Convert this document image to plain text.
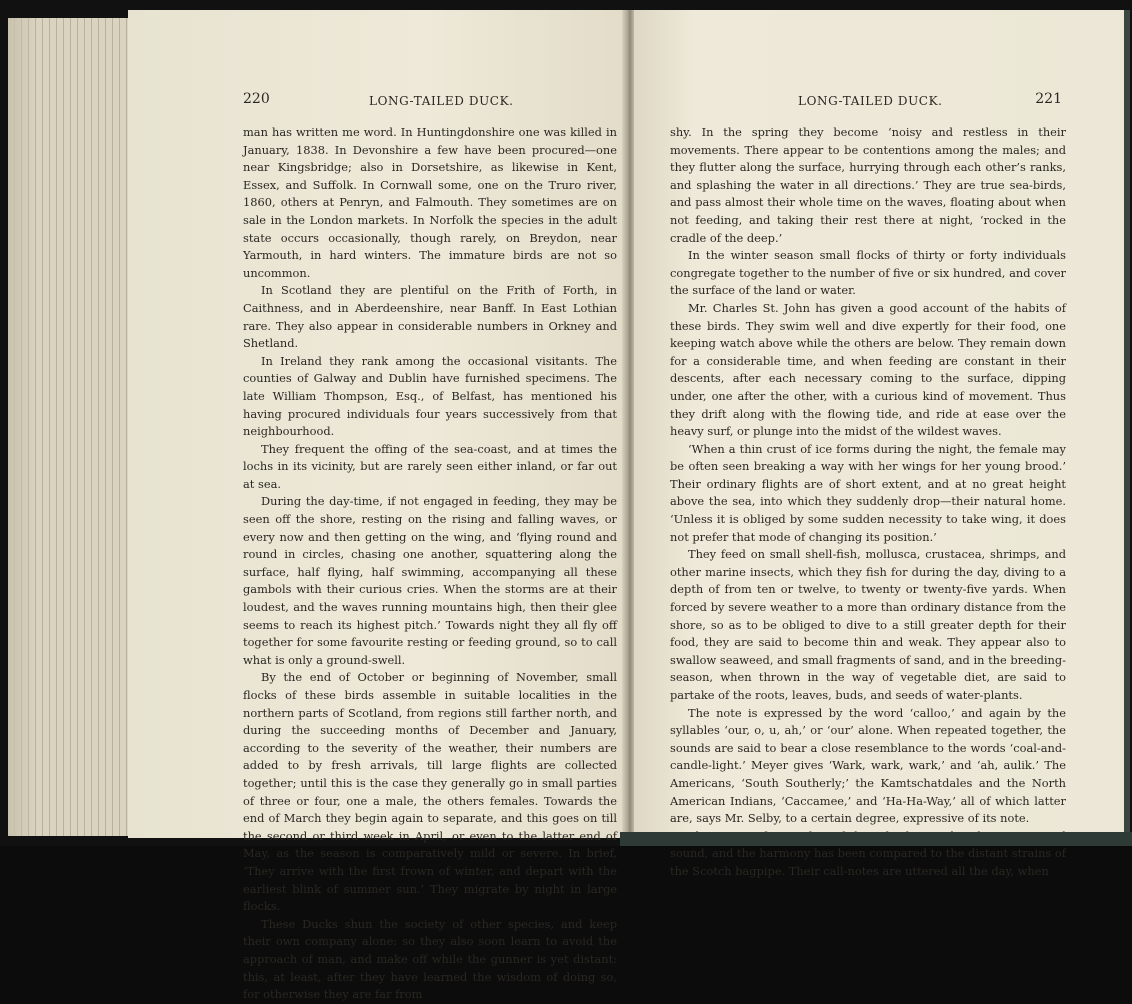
220	LONG-TAILED DUCK.

man has written me word. In Huntingdonshire one was killed in January, 1838. In Devonshire a few have been procured—one near Kingsbridge; also in Dorsetshire, as likewise in Kent, Essex, and Suffolk. In Cornwall some, one on the Truro river, 1860, others at Penryn, and Falmouth. They sometimes are on sale in the London markets. In Norfolk the species in the adult state occurs occasionally, though rarely, on Breydon, near Yarmouth, in hard winters. The immature birds are not so uncommon.

In Scotland they are plentiful on the Frith of Forth, in Caithness, and in Aberdeenshire, near Banff. In East Lothian rare. They also appear in considerable numbers in Orkney and Shetland.

In Ireland they rank among the occasional visitants. The counties of Galway and Dublin have furnished specimens. The late William Thompson, Esq., of Belfast, has mentioned his having procured individuals four years successively from that neighbourhood.

They frequent the offing of the sea-coast, and at times the lochs in its vicinity, but are rarely seen either inland, or far out at sea.

During the day-time, if not engaged in feeding, they may be seen off the shore, resting on the rising and falling waves, or every now and then getting on the wing, and ‘flying round and round in circles, chasing one another, squattering along the surface, half flying, half swimming, accompanying all these gambols with their curious cries. When the storms are at their loudest, and the waves running mountains high, then their glee seems to reach its highest pitch.’ Towards night they all fly off together for some favourite resting or feeding ground, so to call what is only a ground-swell.

By the end of October or beginning of November, small flocks of these birds assemble in suitable localities in the northern parts of Scotland, from regions still farther north, and during the succeeding months of December and January, according to the severity of the weather, their numbers are added to by fresh arrivals, till large flights are collected together; until this is the case they generally go in small parties of three or four, one a male, the others females. Towards the end of March they begin again to separate, and this goes on till the second or third week in April, or even to the latter end of May, as the season is comparatively mild or severe. In brief, ‘They arrive with the first frown of winter, and depart with the earliest blink of summer sun.’ They migrate by night in large flocks.

These Ducks shun the society of other species, and keep their own company alone: so they also soon learn to avoid the approach of man, and make off while the gunner is yet distant: this, at least, after they have learned the wisdom of doing so, for otherwise they are far from

LONG-TAILED DUCK.	221

shy. In the spring they become ‘noisy and restless in their movements. There appear to be contentions among the males; and they flutter along the surface, hurrying through each other’s ranks, and splashing the water in all directions.’ They are true sea-birds, and pass almost their whole time on the waves, floating about when not feeding, and taking their rest there at night, ‘rocked in the cradle of the deep.’

In the winter season small flocks of thirty or forty individuals congregate together to the number of five or six hundred, and cover the surface of the land or water.

Mr. Charles St. John has given a good account of the habits of these birds. They swim well and dive expertly for their food, one keeping watch above while the others are below. They remain down for a considerable time, and when feeding are constant in their descents, after each necessary coming to the surface, dipping under, one after the other, with a curious kind of movement. Thus they drift along with the flowing tide, and ride at ease over the heavy surf, or plunge into the midst of the wildest waves.

‘When a thin crust of ice forms during the night, the female may be often seen breaking a way with her wings for her young brood.’ Their ordinary flights are of short extent, and at no great height above the sea, into which they suddenly drop—their natural home. ‘Unless it is obliged by some sudden necessity to take wing, it does not prefer that mode of changing its position.’

They feed on small shell-fish, mollusca, crustacea, shrimps, and other marine insects, which they fish for during the day, diving to a depth of from ten or twelve, to twenty or twenty-five yards. When forced by severe weather to a more than ordinary distance from the shore, so as to be obliged to dive to a still greater depth for their food, they are said to become thin and weak. They appear also to swallow seaweed, and small fragments of sand, and in the breeding-season, when thrown in the way of vegetable diet, are said to partake of the roots, leaves, buds, and seeds of water-plants.

The note is expressed by the word ‘calloo,’ and again by the syllables ‘our, o, u, ah,’ or ‘our’ alone. When repeated together, the sounds are said to bear a close resemblance to the words ‘coal-and-candle-light.’ Meyer gives ‘Wark, wark, wark,’ and ‘ah, aulik.’ The Americans, ‘South Southerly;’ the Kamtschatdales and the North American Indians, ‘Caccamee,’ and ‘Ha-Ha-Way,’ all of which latter are, says Mr. Selby, to a certain degree, expressive of its note.

sound, and the harmony has been compared to the distant strains of the Scotch bagpipe. Their call-notes are uttered all the day, when
